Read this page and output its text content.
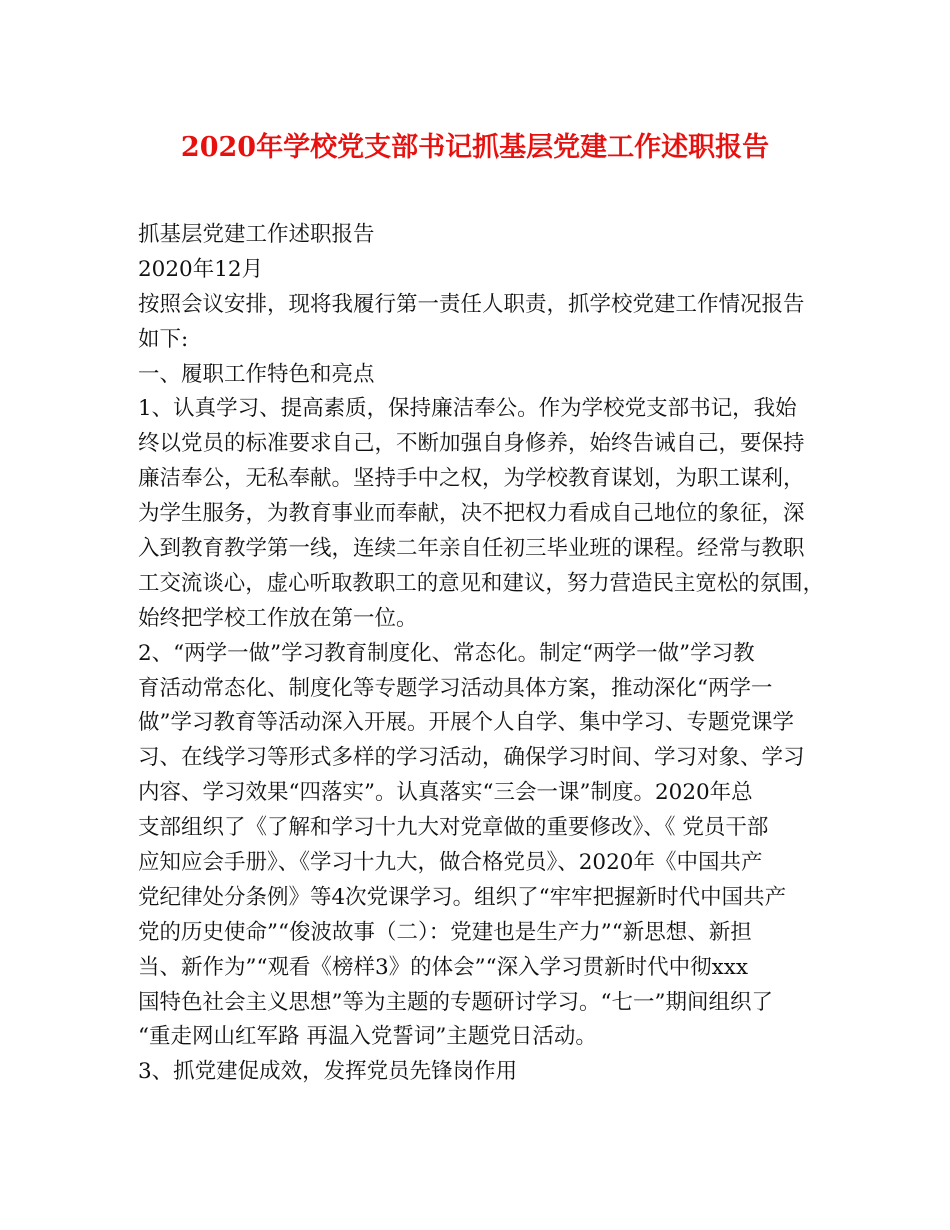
2020年学校党支部书记抓基层党建工作述职报告
抓基层党建工作述职报告
2020年12月
按照会议安排，现将我履行第一责任人职责，抓学校党建工作情况报告
如下:
一、履职工作特色和亮点
1、认真学习、提高素质，保持廉洁奉公。作为学校党支部书记，我始
终以党员的标准要求自己，不断加强自身修养，始终告诫自己，要保持
廉洁奉公，无私奉献。坚持手中之权，为学校教育谋划，为职工谋利，
为学生服务，为教育事业而奉献，决不把权力看成自己地位的象征，深
入到教育教学第一线，连续二年亲自任初三毕业班的课程。经常与教职
工交流谈心，虚心听取教职工的意见和建议，努力营造民主宽松的氛围，
始终把学校工作放在第一位。
2、“两学一做”学习教育制度化、常态化。制定“两学一做”学习教
育活动常态化、制度化等专题学习活动具体方案，推动深化“两学一
做”学习教育等活动深入开展。开展个人自学、集中学习、专题党课学
习、在线学习等形式多样的学习活动，确保学习时间、学习对象、学习
内容、学习效果“四落实”。认真落实“三会一课”制度。2020年总
支部组织了《了解和学习十九大对党章做的重要修改》、《 党员干部
应知应会手册》、《学习十九大，做合格党员》、2020年《中国共产
党纪律处分条例》等4次党课学习。组织了“牢牢把握新时代中国共产
党的历史使命”“俊波故事（二）：党建也是生产力”“新思想、新担
当、新作为”“观看《榜样3》的体会”“深入学习贯新时代中彻xxx
国特色社会主义思想”等为主题的专题研讨学习。“七一”期间组织了
“重走网山红军路 再温入党誓词”主题党日活动。
3、抓党建促成效，发挥党员先锋岗作用
